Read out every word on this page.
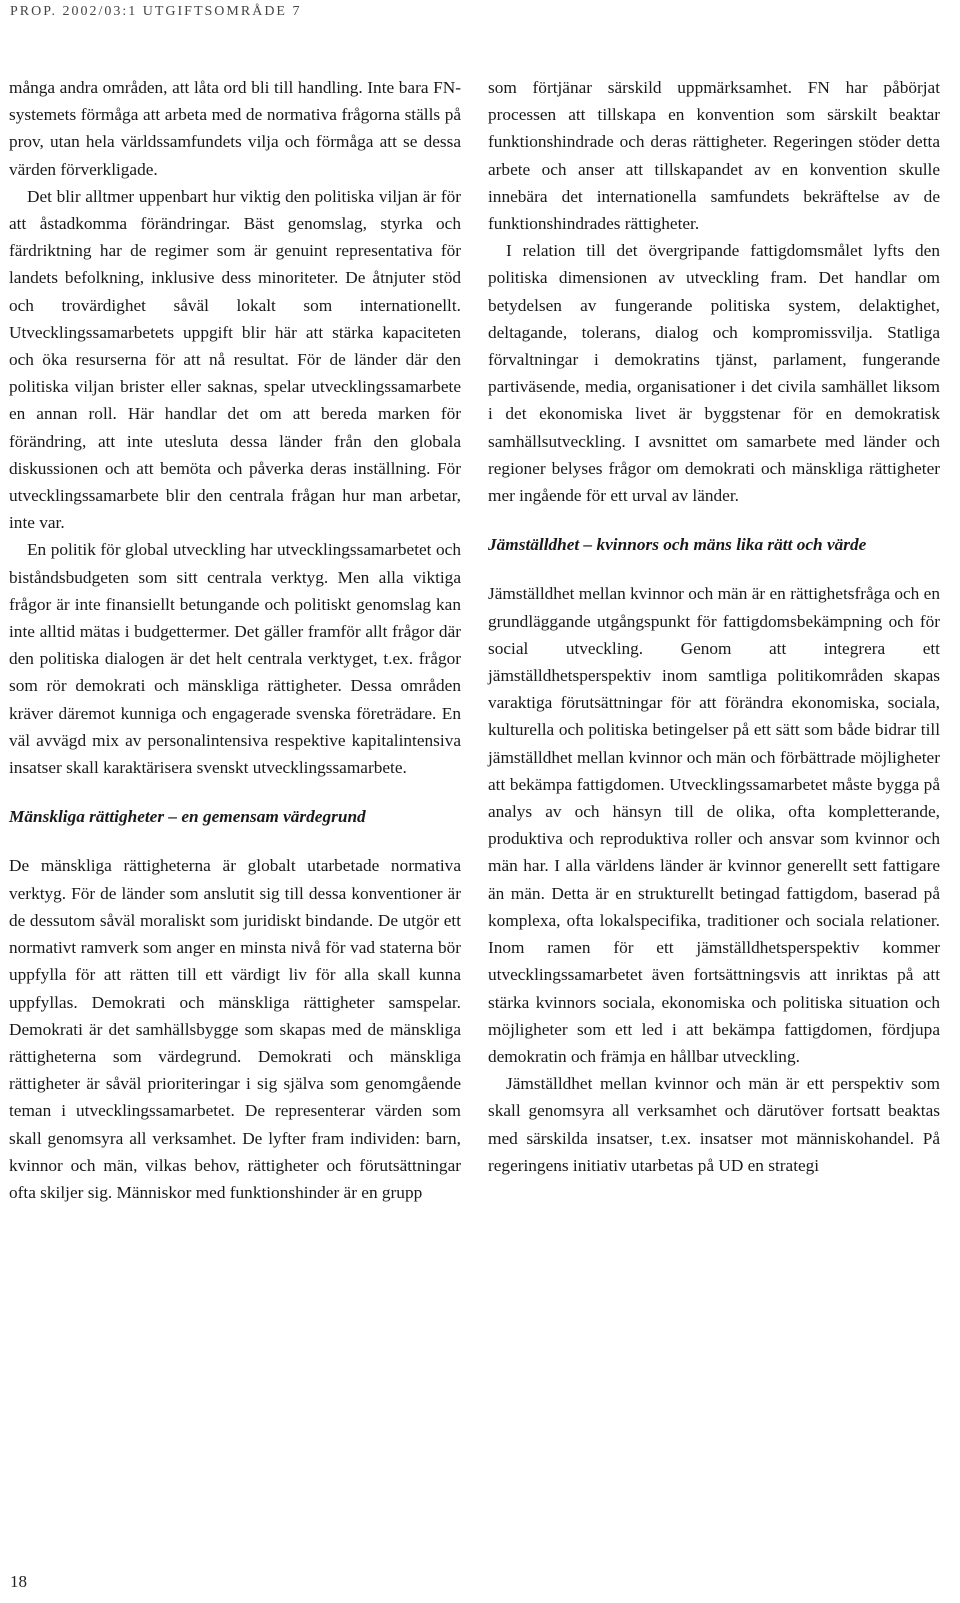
PROP. 2002/03:1 UTGIFTSOMRÅDE 7

många andra områden, att låta ord bli till handling. Inte bara FN-systemets förmåga att arbeta med de normativa frågorna ställs på prov, utan hela världssamfundets vilja och förmåga att se dessa värden förverkligade.

Det blir alltmer uppenbart hur viktig den politiska viljan är för att åstadkomma förändringar. Bäst genomslag, styrka och färdriktning har de regimer som är genuint representativa för landets befolkning, inklusive dess minoriteter. De åtnjuter stöd och trovärdighet såväl lokalt som internationellt. Utvecklingssamarbetets uppgift blir här att stärka kapaciteten och öka resurserna för att nå resultat. För de länder där den politiska viljan brister eller saknas, spelar utvecklingssamarbete en annan roll. Här handlar det om att bereda marken för förändring, att inte utesluta dessa länder från den globala diskussionen och att bemöta och påverka deras inställning. För utvecklingssamarbete blir den centrala frågan hur man arbetar, inte var.

En politik för global utveckling har utvecklingssamarbetet och biståndsbudgeten som sitt centrala verktyg. Men alla viktiga frågor är inte finansiellt betungande och politiskt genomslag kan inte alltid mätas i budgettermer. Det gäller framför allt frågor där den politiska dialogen är det helt centrala verktyget, t.ex. frågor som rör demokrati och mänskliga rättigheter. Dessa områden kräver däremot kunniga och engagerade svenska företrädare. En väl avvägd mix av personalintensiva respektive kapitalintensiva insatser skall karaktärisera svenskt utvecklingssamarbete.

Mänskliga rättigheter – en gemensam värdegrund

De mänskliga rättigheterna är globalt utarbetade normativa verktyg. För de länder som anslutit sig till dessa konventioner är de dessutom såväl moraliskt som juridiskt bindande. De utgör ett normativt ramverk som anger en minsta nivå för vad staterna bör uppfylla för att rätten till ett värdigt liv för alla skall kunna uppfyllas. Demokrati och mänskliga rättigheter samspelar. Demokrati är det samhällsbygge som skapas med de mänskliga rättigheterna som värdegrund. Demokrati och mänskliga rättigheter är såväl prioriteringar i sig själva som genomgående teman i utvecklingssamarbetet. De representerar värden som skall genomsyra all verksamhet. De lyfter fram individen: barn, kvinnor och män, vilkas behov, rättigheter och förutsättningar ofta skiljer sig. Människor med funktionshinder är en grupp

som förtjänar särskild uppmärksamhet. FN har påbörjat processen att tillskapa en konvention som särskilt beaktar funktionshindrade och deras rättigheter. Regeringen stöder detta arbete och anser att tillskapandet av en konvention skulle innebära det internationella samfundets bekräftelse av de funktionshindrades rättigheter.

I relation till det övergripande fattigdomsmålet lyfts den politiska dimensionen av utveckling fram. Det handlar om betydelsen av fungerande politiska system, delaktighet, deltagande, tolerans, dialog och kompromissvilja. Statliga förvaltningar i demokratins tjänst, parlament, fungerande partiväsende, media, organisationer i det civila samhället liksom i det ekonomiska livet är byggstenar för en demokratisk samhällsutveckling. I avsnittet om samarbete med länder och regioner belyses frågor om demokrati och mänskliga rättigheter mer ingående för ett urval av länder.

Jämställdhet – kvinnors och mäns lika rätt och värde

Jämställdhet mellan kvinnor och män är en rättighetsfråga och en grundläggande utgångspunkt för fattigdomsbekämpning och för social utveckling. Genom att integrera ett jämställdhetsperspektiv inom samtliga politikområden skapas varaktiga förutsättningar för att förändra ekonomiska, sociala, kulturella och politiska betingelser på ett sätt som både bidrar till jämställdhet mellan kvinnor och män och förbättrade möjligheter att bekämpa fattigdomen. Utvecklingssamarbetet måste bygga på analys av och hänsyn till de olika, ofta kompletterande, produktiva och reproduktiva roller och ansvar som kvinnor och män har. I alla världens länder är kvinnor generellt sett fattigare än män. Detta är en strukturellt betingad fattigdom, baserad på komplexa, ofta lokalspecifika, traditioner och sociala relationer. Inom ramen för ett jämställdhetsperspektiv kommer utvecklingssamarbetet även fortsättningsvis att inriktas på att stärka kvinnors sociala, ekonomiska och politiska situation och möjligheter som ett led i att bekämpa fattigdomen, fördjupa demokratin och främja en hållbar utveckling.

Jämställdhet mellan kvinnor och män är ett perspektiv som skall genomsyra all verksamhet och därutöver fortsatt beaktas med särskilda insatser, t.ex. insatser mot människohandel. På regeringens initiativ utarbetas på UD en strategi

18
